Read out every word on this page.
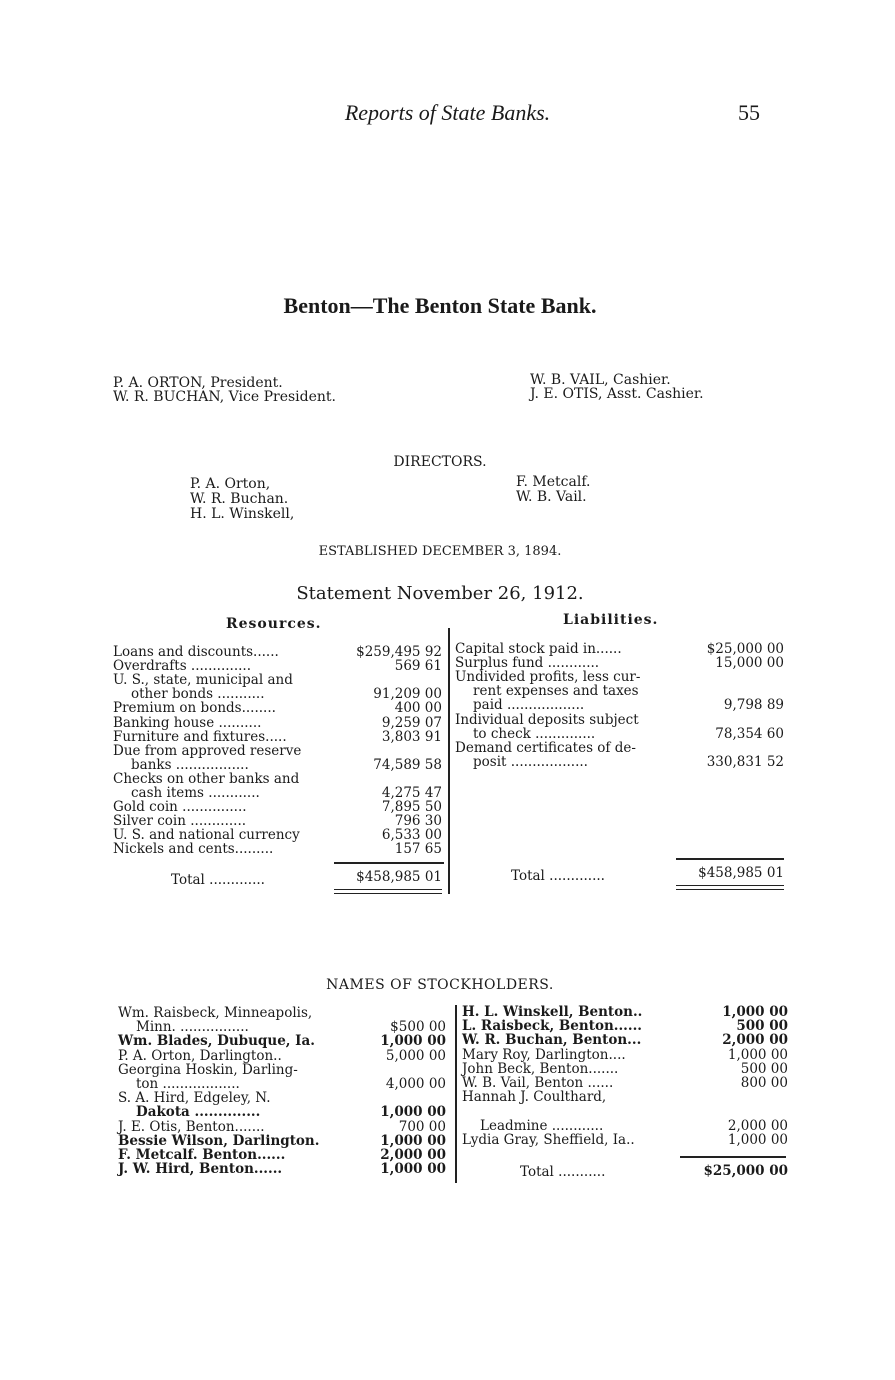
Reports of State Banks.	55
Benton—The Benton State Bank.
P. A. ORTON, President.
W. R. BUCHAN, Vice President.
W. B. VAIL, Cashier.
J. E. OTIS, Asst. Cashier.
DIRECTORS.
P. A. Orton,
W. R. Buchan.
H. L. Winskell,
F. Metcalf.
W. B. Vail.
ESTABLISHED DECEMBER 3, 1894.
Statement November 26, 1912.
Resources.	Liabilities.
Loans and discounts......	$259,495 92
Overdrafts ..............	569 61
U. S., state, municipal and
other bonds ...........	91,209 00
Premium on bonds........	400 00
Banking house ..........	9,259 07
Furniture and fixtures.....	3,803 91
Due from approved reserve
banks .................	74,589 58
Checks on other banks and
cash items ............	4,275 47
Gold coin ...............	7,895 50
Silver coin .............	796 30
U. S. and national currency	6,533 00
Nickels and cents.........	157 65
Total .............	$458,985 01
Capital stock paid in......	$25,000 00
Surplus fund ............	15,000 00
Undivided profits, less cur-
rent expenses and taxes
paid ..................	9,798 89
Individual deposits subject
to check ..............	78,354 60
Demand certificates of de-
posit ..................	330,831 52
Total .............	$458,985 01
NAMES OF STOCKHOLDERS.
Wm. Raisbeck, Minneapolis,
Minn. ................	$500 00
Wm. Blades, Dubuque, Ia.	1,000 00
P. A. Orton, Darlington..	5,000 00
Georgina Hoskin, Darling-
ton ..................	4,000 00
S. A. Hird, Edgeley, N.
Dakota ..............	1,000 00
J. E. Otis, Benton.......	700 00
Bessie Wilson, Darlington.	1,000 00
F. Metcalf. Benton......	2,000 00
J. W. Hird, Benton......	1,000 00
H. L. Winskell, Benton..	1,000 00
L. Raisbeck, Benton......	500 00
W. R. Buchan, Benton...	2,000 00
Mary Roy, Darlington....	1,000 00
John Beck, Benton.......	500 00
W. B. Vail, Benton ......	800 00
Hannah J. Coulthard,
Leadmine ............	2,000 00
Lydia Gray, Sheffield, Ia..	1,000 00
Total ...........	$25,000 00
